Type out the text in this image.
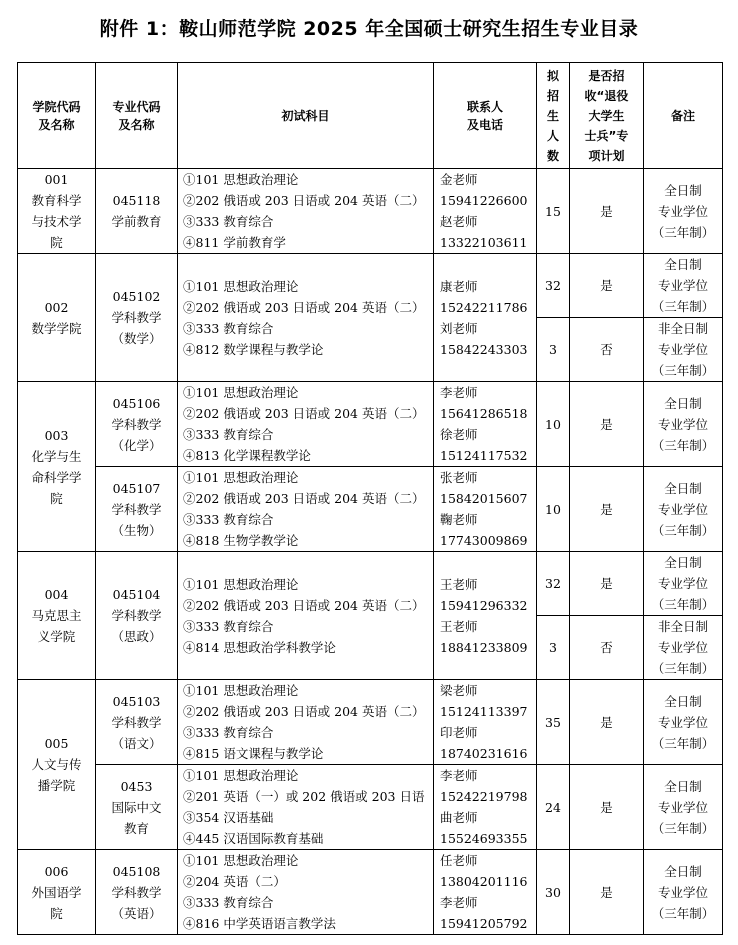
附件 1：鞍山师范学院 2025 年全国硕士研究生招生专业目录
学院代码
及名称	专业代码
及名称	初试科目	联系人
及电话	拟
招
生
人
数	是否招
收“退役
大学生
士兵”专
项计划	备注

001
教育科学
与技术学
院	045118
学前教育	①101 思想政治理论
②202 俄语或 203 日语或 204 英语（二）
③333 教育综合
④811 学前教育学	金老师
15941226600
赵老师
13322103611	15	是	全日制
专业学位
（三年制）

002
数学学院	045102
学科教学
（数学）	①101 思想政治理论
②202 俄语或 203 日语或 204 英语（二）
③333 教育综合
④812 数学课程与教学论	康老师
15242211786
刘老师
15842243303	32	是	全日制
专业学位
（三年制）

				3	否	非全日制
专业学位
（三年制）

003
化学与生
命科学学
院	045106
学科教学
（化学）	①101 思想政治理论
②202 俄语或 203 日语或 204 英语（二）
③333 教育综合
④813 化学课程教学论	李老师
15641286518
徐老师
15124117532	10	是	全日制
专业学位
（三年制）

	045107
学科教学
（生物）	①101 思想政治理论
②202 俄语或 203 日语或 204 英语（二）
③333 教育综合
④818 生物学教学论	张老师
15842015607
鞠老师
17743009869	10	是	全日制
专业学位
（三年制）

004
马克思主
义学院	045104
学科教学
（思政）	①101 思想政治理论
②202 俄语或 203 日语或 204 英语（二）
③333 教育综合
④814 思想政治学科教学论	王老师
15941296332
王老师
18841233809	32	是	全日制
专业学位
（三年制）

				3	否	非全日制
专业学位
（三年制）

005
人文与传
播学院	045103
学科教学
（语文）	①101 思想政治理论
②202 俄语或 203 日语或 204 英语（二）
③333 教育综合
④815 语文课程与教学论	梁老师
15124113397
印老师
18740231616	35	是	全日制
专业学位
（三年制）

	0453
国际中文
教育	①101 思想政治理论
②201 英语（一）或 202 俄语或 203 日语
③354 汉语基础
④445 汉语国际教育基础	李老师
15242219798
曲老师
15524693355	24	是	全日制
专业学位
（三年制）

006
外国语学
院	045108
学科教学
（英语）	①101 思想政治理论
②204 英语（二）
③333 教育综合
④816 中学英语语言教学法	任老师
13804201116
李老师
15941205792	30	是	全日制
专业学位
（三年制）
